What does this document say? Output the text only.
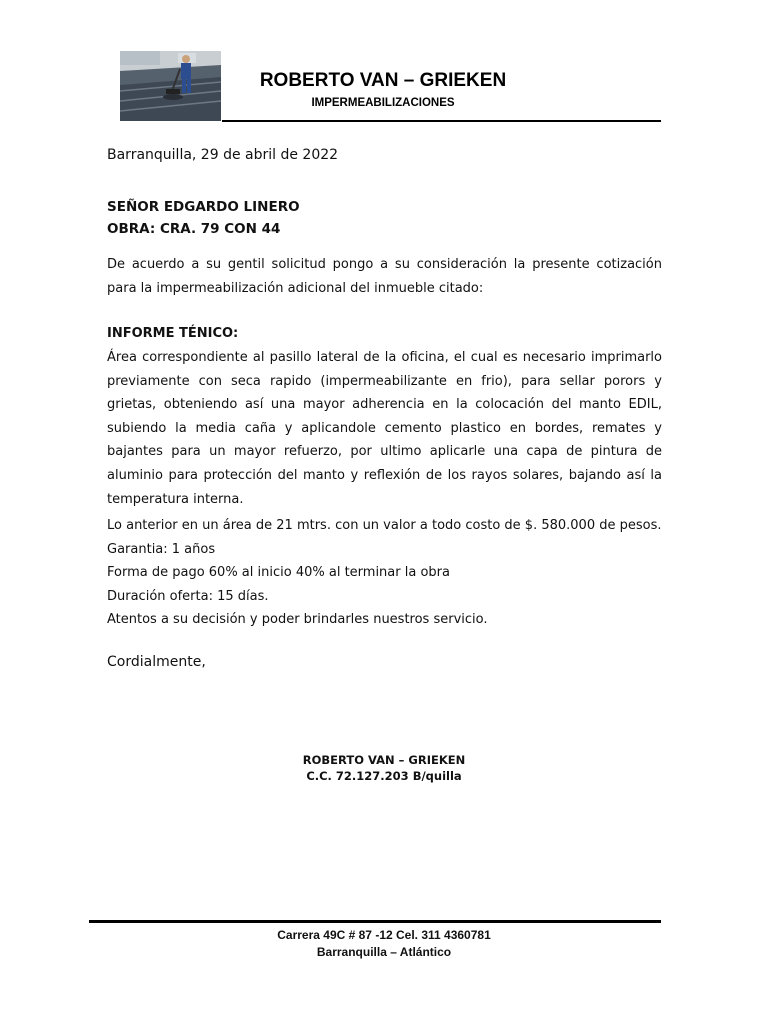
ROBERTO VAN – GRIEKEN
IMPERMEABILIZACIONES
Barranquilla, 29 de abril de 2022
SEÑOR EDGARDO LINERO
OBRA: CRA. 79 CON 44
De acuerdo a su gentil solicitud pongo a su consideración la presente cotización para la impermeabilización adicional del inmueble citado:
INFORME TÉNICO:
Área correspondiente al pasillo lateral de la oficina, el cual es necesario imprimarlo previamente con seca rapido (impermeabilizante en frio), para sellar porors y grietas, obteniendo así una mayor adherencia en la colocación del manto EDIL, subiendo la media caña y aplicandole cemento plastico en bordes, remates y bajantes para un mayor refuerzo, por ultimo aplicarle una capa de pintura de aluminio para protección del manto y reflexión de los rayos solares, bajando así la temperatura interna.
Lo anterior en un área de 21 mtrs. con un valor a todo costo de $. 580.000 de pesos.
Garantia: 1 años
Forma de pago 60% al inicio 40% al terminar la obra
Duración oferta: 15 días.
Atentos a su decisión y poder brindarles nuestros servicio.
Cordialmente,
ROBERTO VAN – GRIEKEN
C.C. 72.127.203 B/quilla
Carrera 49C # 87 -12 Cel. 311 4360781
Barranquilla – Atlántico
